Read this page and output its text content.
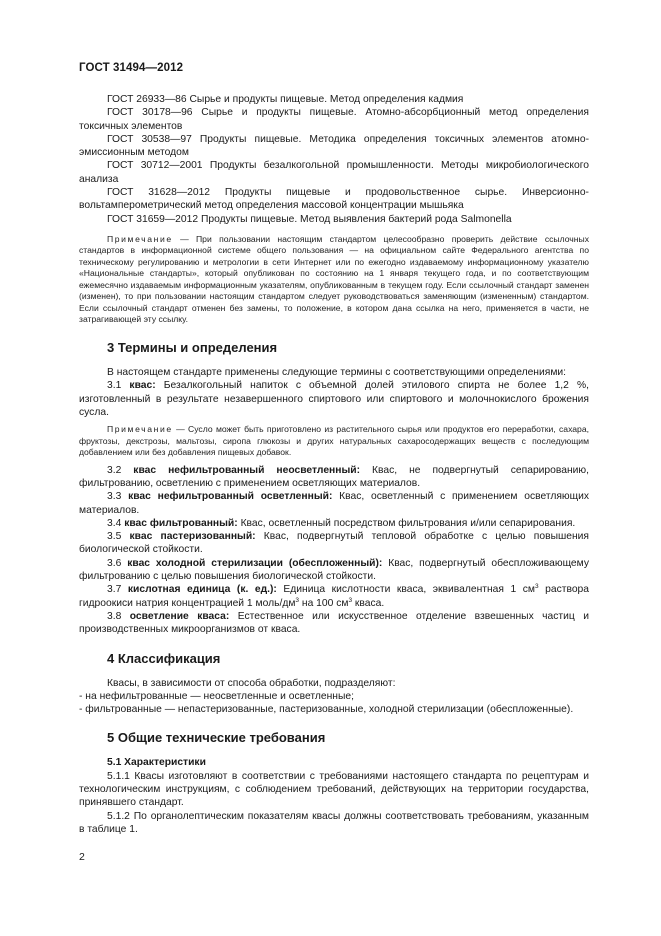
ГОСТ 31494—2012

ГОСТ 26933—86 Сырье и продукты пищевые. Метод определения кадмия

ГОСТ 30178—96 Сырье и продукты пищевые. Атомно-абсорбционный метод определения токсичных элементов

ГОСТ 30538—97 Продукты пищевые. Методика определения токсичных элементов атомно-эмиссионным методом

ГОСТ 30712—2001 Продукты безалкогольной промышленности. Методы микробиологического анализа

ГОСТ 31628—2012 Продукты пищевые и продовольственное сырье. Инверсионно-вольтамперометрический метод определения массовой концентрации мышьяка

ГОСТ 31659—2012 Продукты пищевые. Метод выявления бактерий рода Salmonella

Примечание — При пользовании настоящим стандартом целесообразно проверить действие ссылочных стандартов в информационной системе общего пользования — на официальном сайте Федерального агентства по техническому регулированию и метрологии в сети Интернет или по ежегодно издаваемому информационному указателю «Национальные стандарты», который опубликован по состоянию на 1 января текущего года, и по соответствующим ежемесячно издаваемым информационным указателям, опубликованным в текущем году. Если ссылочный стандарт заменен (изменен), то при пользовании настоящим стандартом следует руководствоваться заменяющим (измененным) стандартом. Если ссылочный стандарт отменен без замены, то положение, в котором дана ссылка на него, применяется в части, не затрагивающей эту ссылку.

3 Термины и определения

В настоящем стандарте применены следующие термины с соответствующими определениями:

3.1 квас: Безалкогольный напиток с объемной долей этилового спирта не более 1,2 %, изготовленный в результате незавершенного спиртового или спиртового и молочнокислого брожения сусла.

Примечание — Сусло может быть приготовлено из растительного сырья или продуктов его переработки, сахара, фруктозы, декстрозы, мальтозы, сиропа глюкозы и других натуральных сахаросодержащих веществ с последующим добавлением или без добавления пищевых добавок.

3.2 квас нефильтрованный неосветленный: Квас, не подвергнутый сепарированию, фильтрованию, осветлению с применением осветляющих материалов.

3.3 квас нефильтрованный осветленный: Квас, осветленный с применением осветляющих материалов.

3.4 квас фильтрованный: Квас, осветленный посредством фильтрования и/или сепарирования.

3.5 квас пастеризованный: Квас, подвергнутый тепловой обработке с целью повышения биологической стойкости.

3.6 квас холодной стерилизации (обеспложенный): Квас, подвергнутый обеспложивающему фильтрованию с целью повышения биологической стойкости.

3.7 кислотная единица (к. ед.): Единица кислотности кваса, эквивалентная 1 $см^3$ раствора гидроокиси натрия концентрацией 1 моль/$дм^3$ на 100 $см^3$ кваса.

3.8 осветление кваса: Естественное или искусственное отделение взвешенных частиц и производственных микроорганизмов от кваса.

4 Классификация

Квасы, в зависимости от способа обработки, подразделяют:

- на нефильтрованные — неосветленные и осветленные;

- фильтрованные — непастеризованные, пастеризованные, холодной стерилизации (обеспложенные).

5 Общие технические требования

5.1 Характеристики

5.1.1 Квасы изготовляют в соответствии с требованиями настоящего стандарта по рецептурам и технологическим инструкциям, с соблюдением требований, действующих на территории государства, принявшего стандарт.

5.1.2 По органолептическим показателям квасы должны соответствовать требованиям, указанным в таблице 1.

2
